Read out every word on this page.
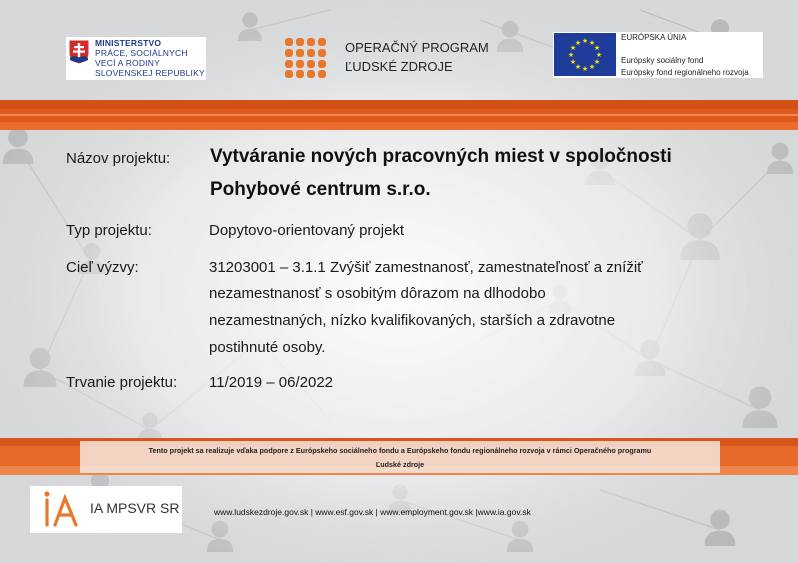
MINISTERSTVO
PRÁCE, SOCIÁLNYCH
VECÍ A RODINY
SLOVENSKEJ REPUBLIKY
OPERAČNÝ PROGRAM
ĽUDSKÉ ZDROJE
★ ★
★
★
★
★
★
★
★
★
★
★
EURÓPSKA ÚNIA
Európsky sociálny fond
Európsky fond regionálneho rozvoja
Názov projektu: Vytváranie nových pracovných miest v spoločnosti
Pohybové centrum s.r.o.
Typ projektu:	Dopytovo-orientovaný projekt
Cieľ výzvy:	31203001 – 3.1.1 Zvýšiť zamestnanosť, zamestnateľnosť a znížiť
nezamestnanosť s osobitým dôrazom na dlhodobo
nezamestnaných, nízko kvalifikovaných, starších a zdravotne
postihnuté osoby.
Trvanie projektu: 11/2019 – 06/2022
Tento projekt sa realizuje vďaka podpore z Európskeho sociálneho fondu a Európskeho fondu regionálneho rozvoja v rámci Operačného programu
Ľudské zdroje
IA MPSVR SR	www.ludskezdroje.gov.sk | www.esf.gov.sk | www.employment.gov.sk |www.ia.gov.sk
